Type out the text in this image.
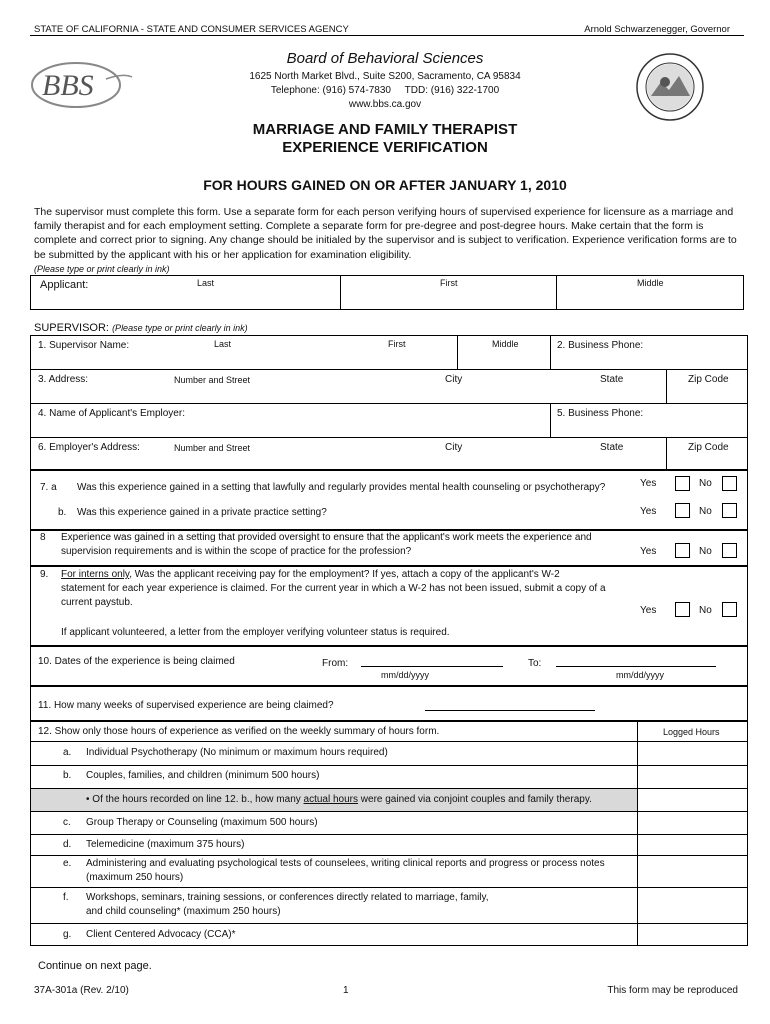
STATE OF CALIFORNIA - STATE AND CONSUMER SERVICES AGENCY	Arnold Schwarzenegger, Governor
BBS
Board of Behavioral Sciences
1625 North Market Blvd., Suite S200, Sacramento, CA 95834
Telephone: (916) 574-7830     TDD: (916) 322-1700
www.bbs.ca.gov
MARRIAGE AND FAMILY THERAPIST
EXPERIENCE VERIFICATION
FOR HOURS GAINED ON OR AFTER JANUARY 1, 2010
The supervisor must complete this form. Use a separate form for each person verifying hours of supervised experience for licensure as a marriage and family therapist and for each employment setting. Complete a separate form for pre-degree and post-degree hours. Make certain that the form is complete and correct prior to signing. Any change should be initialed by the supervisor and is subject to verification. Experience verification forms are to be submitted by the applicant with his or her application for examination eligibility.
(Please type or print clearly in ink)
Applicant:	Last	First	Middle
SUPERVISOR: (Please type or print clearly in ink)
1. Supervisor Name:	Last	First	Middle	2. Business Phone:
3. Address:	Number and Street	City	State	Zip Code
4. Name of Applicant's Employer:	5. Business Phone:
6. Employer's Address:	Number and Street	City	State	Zip Code
7. a Was this experience gained in a setting that lawfully and regularly provides mental health counseling or psychotherapy?	Yes	No
b. Was this experience gained in a private practice setting?	Yes	No
8 Experience was gained in a setting that provided oversight to ensure that the applicant's work meets the experience and
supervision requirements and is within the scope of practice for the profession?	Yes	No
9. For interns only, Was the applicant receiving pay for the employment? If yes, attach a copy of the applicant's W-2
statement for each year experience is claimed. For the current year in which a W-2 has not been issued, submit a copy of a
current paystub.
Yes	No
If applicant volunteered, a letter from the employer verifying volunteer status is required.
10. Dates of the experience is being claimed	From:
mm/dd/yyyy
To:
mm/dd/yyyy
11. How many weeks of supervised experience are being claimed?
12. Show only those hours of experience as verified on the weekly summary of hours form.	Logged Hours
a. Individual Psychotherapy (No minimum or maximum hours required)
b. Couples, families, and children (minimum 500 hours)
• Of the hours recorded on line 12. b., how many actual hours were gained via conjoint couples and family therapy.
c. Group Therapy or Counseling (maximum 500 hours)
d. Telemedicine (maximum 375 hours)
e. Administering and evaluating psychological tests of counselees, writing clinical reports and progress or process notes
(maximum 250 hours)
f. Workshops, seminars, training sessions, or conferences directly related to marriage, family,
and child counseling* (maximum 250 hours)
g. Client Centered Advocacy (CCA)*
Continue on next page.
37A-301a (Rev. 2/10)	1	This form may be reproduced
